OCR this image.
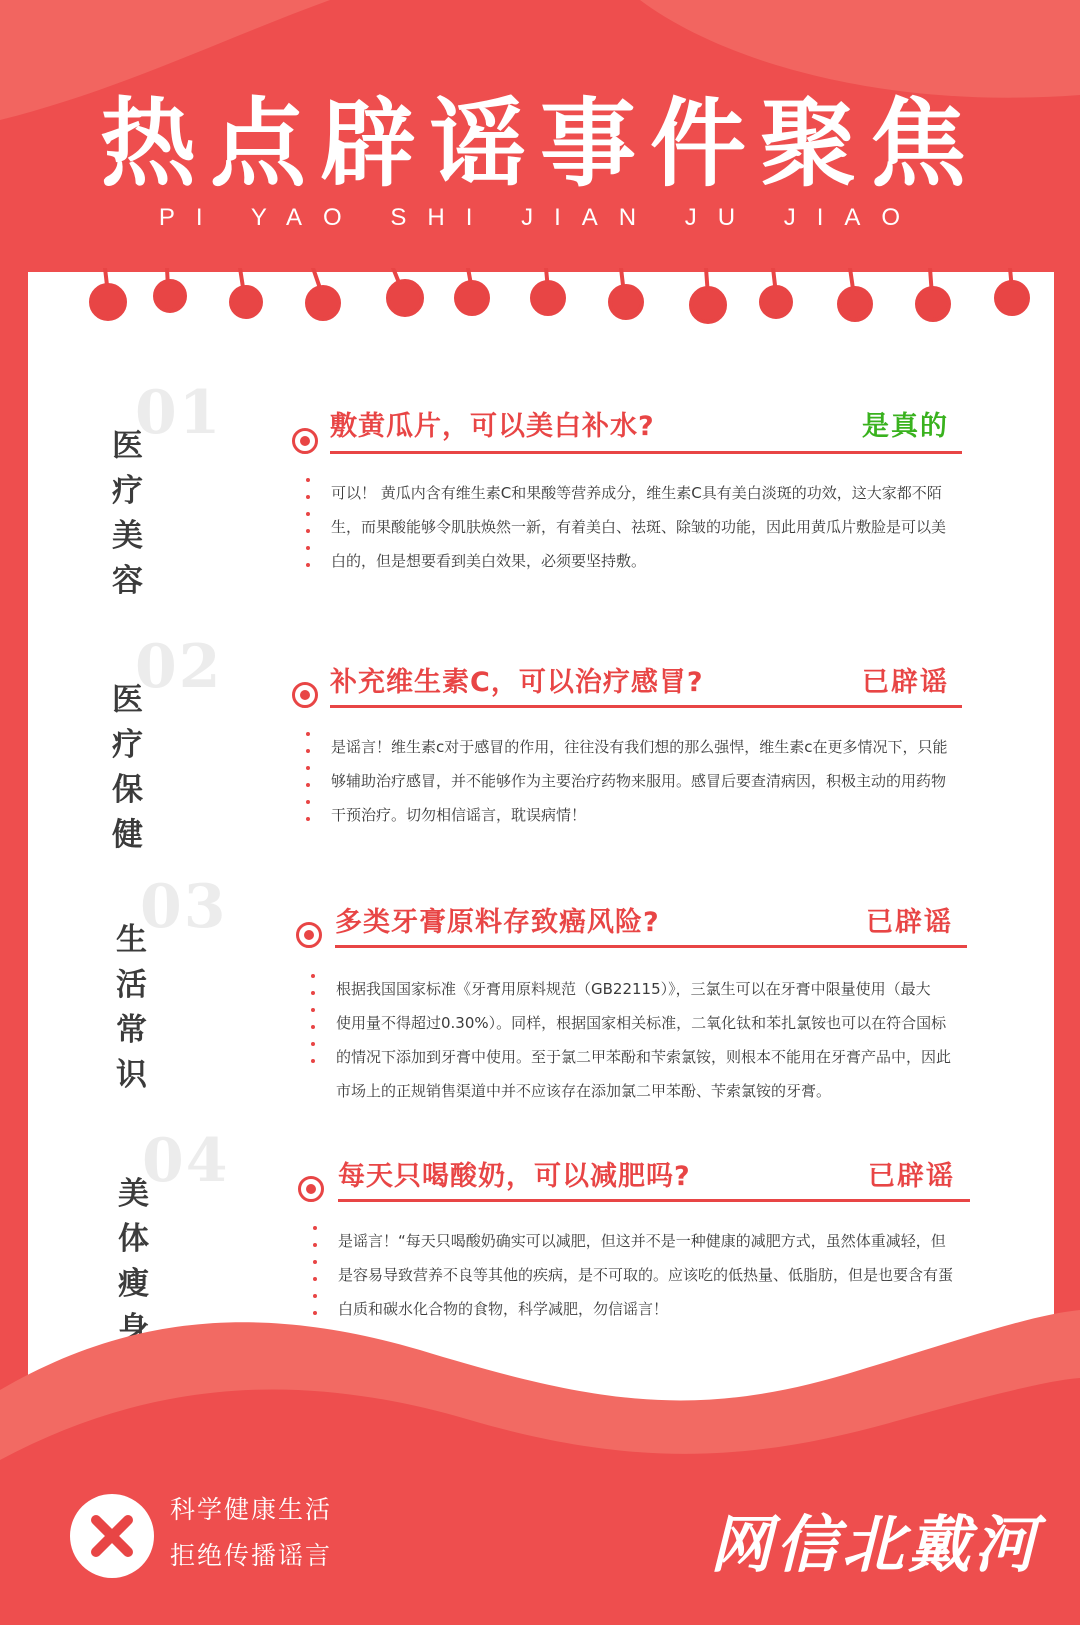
热点辟谣事件聚焦
PI YAO SHI JIAN JU JIAO
01
医疗美容
敷黄瓜片，可以美白补水?	是真的
可以！ 黄瓜内含有维生素C和果酸等营养成分，维生素C具有美白淡斑的功效，这大家都不陌
生，而果酸能够令肌肤焕然一新，有着美白、祛斑、除皱的功能，因此用黄瓜片敷脸是可以美
白的，但是想要看到美白效果，必须要坚持敷。
02
医疗保健
补充维生素C，可以治疗感冒?	已辟谣
是谣言！维生素c对于感冒的作用，往往没有我们想的那么强悍，维生素c在更多情况下，只能
够辅助治疗感冒，并不能够作为主要治疗药物来服用。感冒后要查清病因，积极主动的用药物
干预治疗。切勿相信谣言，耽误病情！
03
生活常识
多类牙膏原料存致癌风险?	已辟谣
根据我国国家标准《牙膏用原料规范（GB22115）》，三氯生可以在牙膏中限量使用（最大
使用量不得超过0.30%）。同样，根据国家相关标准，二氧化钛和苯扎氯铵也可以在符合国标
的情况下添加到牙膏中使用。至于氯二甲苯酚和苄索氯铵，则根本不能用在牙膏产品中，因此
市场上的正规销售渠道中并不应该存在添加氯二甲苯酚、苄索氯铵的牙膏。
04
美体瘦身
每天只喝酸奶，可以减肥吗?	已辟谣
是谣言！“每天只喝酸奶确实可以减肥，但这并不是一种健康的减肥方式，虽然体重减轻，但
是容易导致营养不良等其他的疾病，是不可取的。应该吃的低热量、低脂肪，但是也要含有蛋
白质和碳水化合物的食物，科学减肥，勿信谣言！
科学健康生活
拒绝传播谣言	网信北戴河
